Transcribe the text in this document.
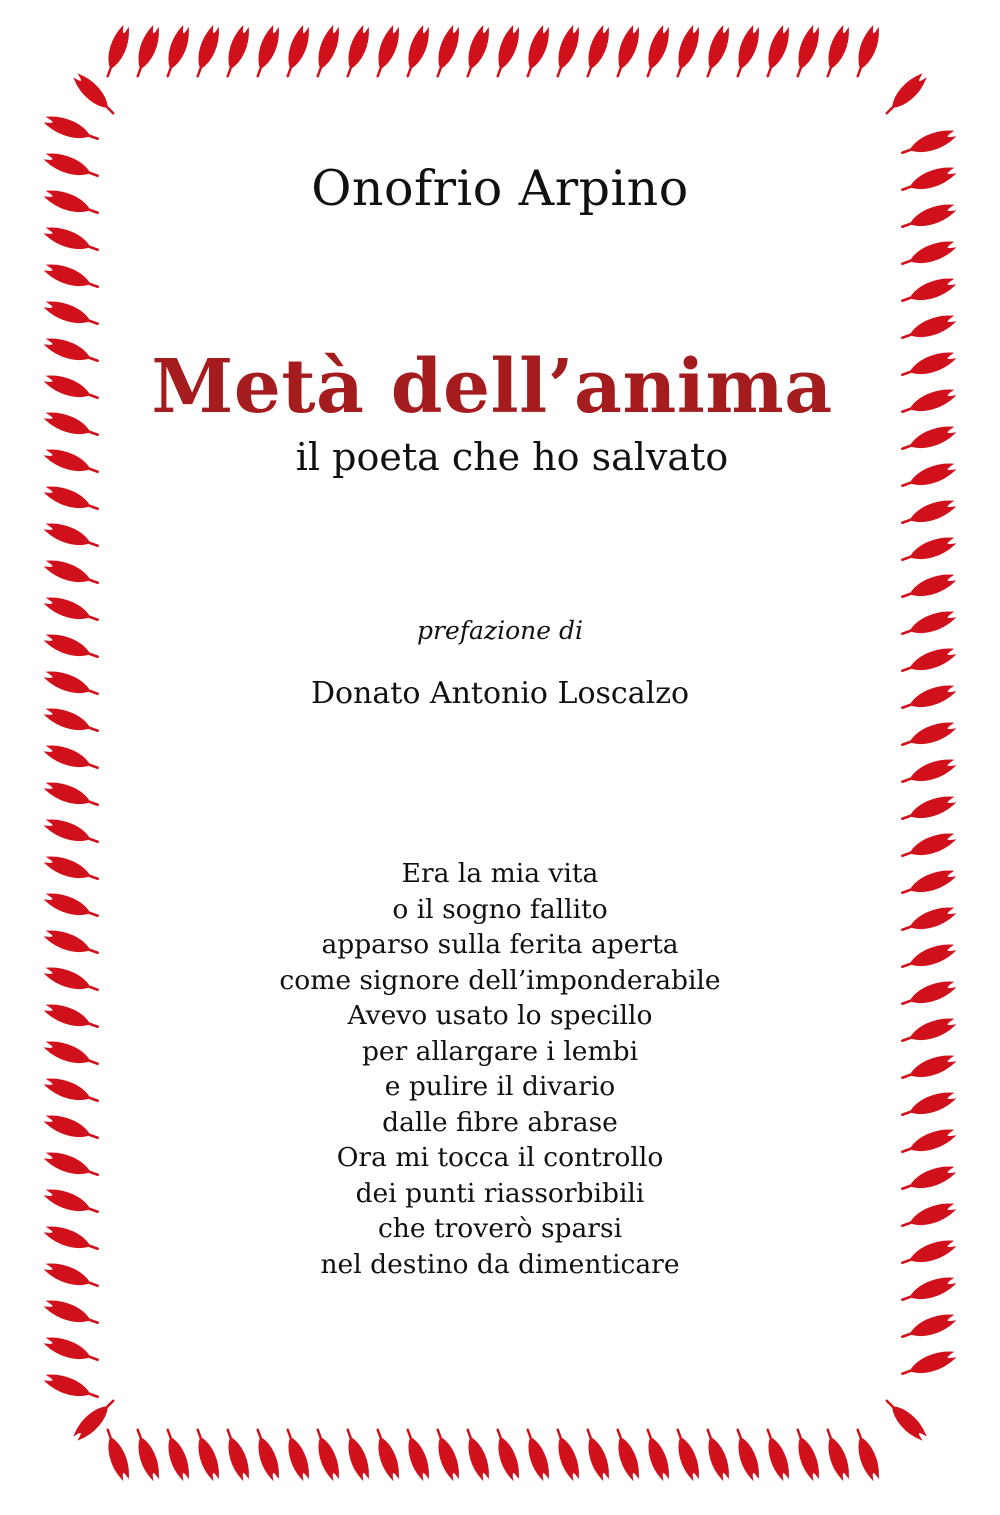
Onofrio Arpino
Metà dell’anima
il poeta che ho salvato
prefazione di
Donato Antonio Loscalzo
Era la mia vita
o il sogno fallito
apparso sulla ferita aperta
come signore dell’imponderabile
Avevo usato lo specillo
per allargare i lembi
e pulire il divario
dalle fibre abrase
Ora mi tocca il controllo
dei punti riassorbibili
che troverò sparsi
nel destino da dimenticare
